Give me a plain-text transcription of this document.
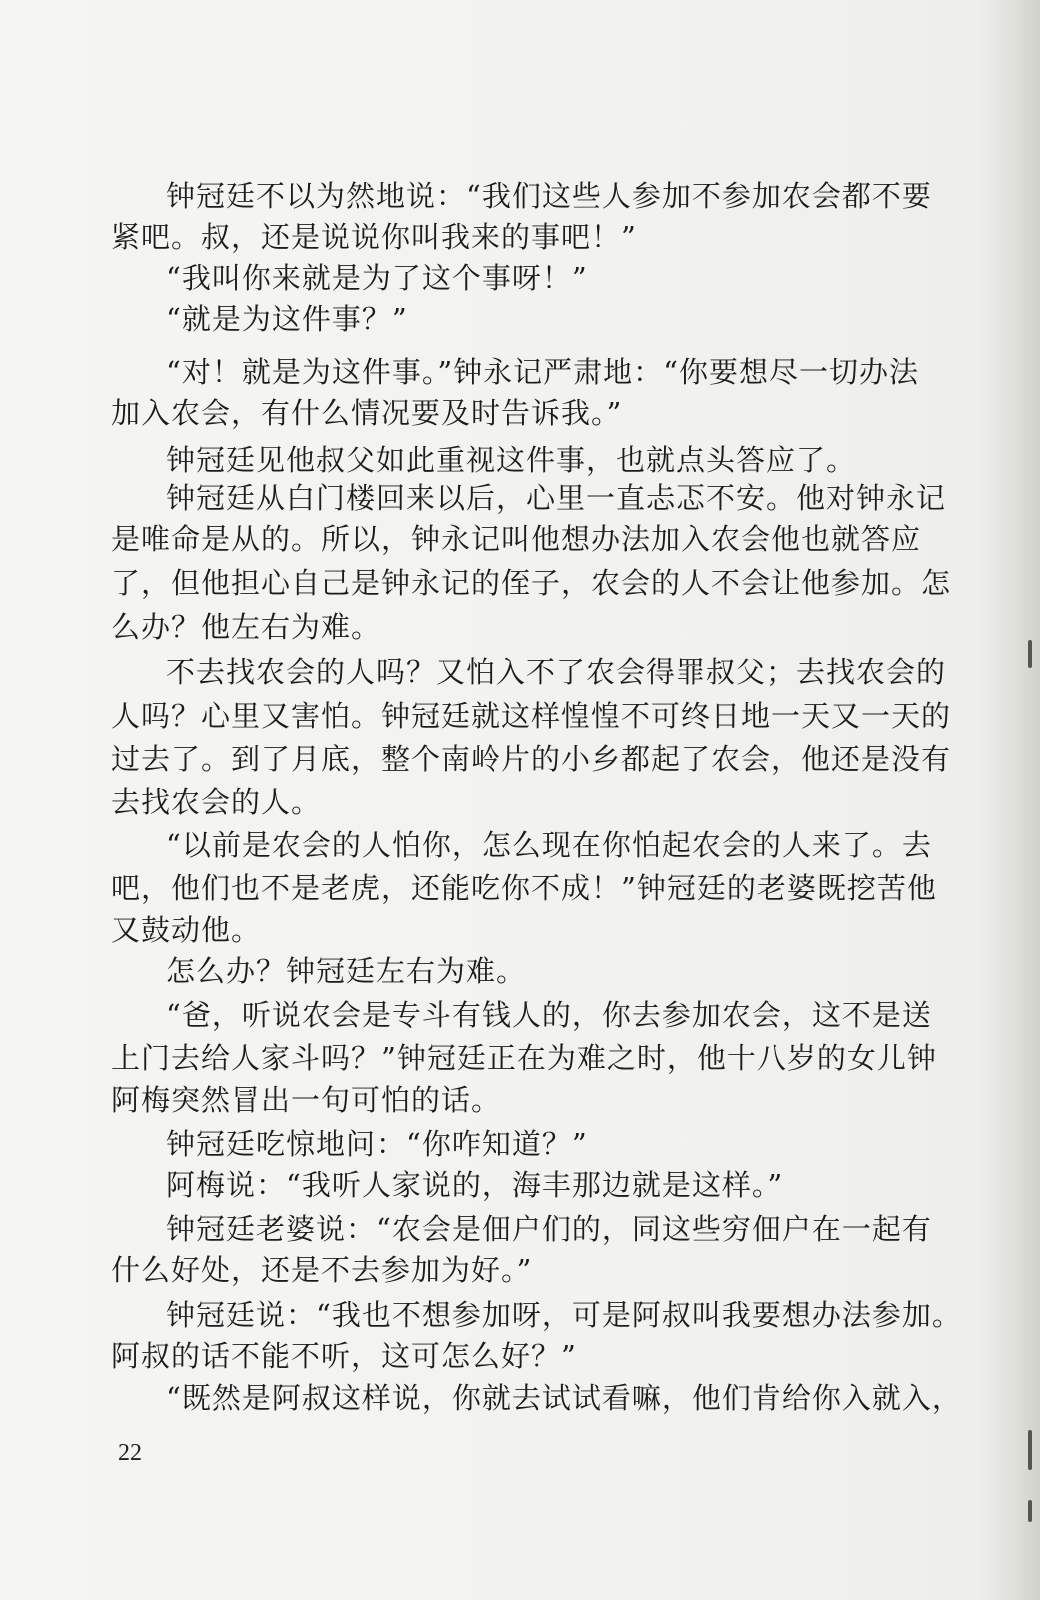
钟冠廷不以为然地说：“我们这些人参加不参加农会都不要
紧吧。叔，还是说说你叫我来的事吧！”
“我叫你来就是为了这个事呀！”
“就是为这件事？”
“对！就是为这件事。”钟永记严肃地：“你要想尽一切办法
加入农会，有什么情况要及时告诉我。”
钟冠廷见他叔父如此重视这件事，也就点头答应了。
钟冠廷从白门楼回来以后，心里一直忐忑不安。他对钟永记
是唯命是从的。所以，钟永记叫他想办法加入农会他也就答应
了，但他担心自己是钟永记的侄子，农会的人不会让他参加。怎
么办？他左右为难。
不去找农会的人吗？又怕入不了农会得罪叔父；去找农会的
人吗？心里又害怕。钟冠廷就这样惶惶不可终日地一天又一天的
过去了。到了月底，整个南岭片的小乡都起了农会，他还是没有
去找农会的人。
“以前是农会的人怕你，怎么现在你怕起农会的人来了。去
吧，他们也不是老虎，还能吃你不成！”钟冠廷的老婆既挖苦他
又鼓动他。
怎么办？钟冠廷左右为难。
“爸，听说农会是专斗有钱人的，你去参加农会，这不是送
上门去给人家斗吗？”钟冠廷正在为难之时，他十八岁的女儿钟
阿梅突然冒出一句可怕的话。
钟冠廷吃惊地问：“你咋知道？”
阿梅说：“我听人家说的，海丰那边就是这样。”
钟冠廷老婆说：“农会是佃户们的，同这些穷佃户在一起有
什么好处，还是不去参加为好。”
钟冠廷说：“我也不想参加呀，可是阿叔叫我要想办法参加。
阿叔的话不能不听，这可怎么好？”
“既然是阿叔这样说，你就去试试看嘛，他们肯给你入就入，
22
